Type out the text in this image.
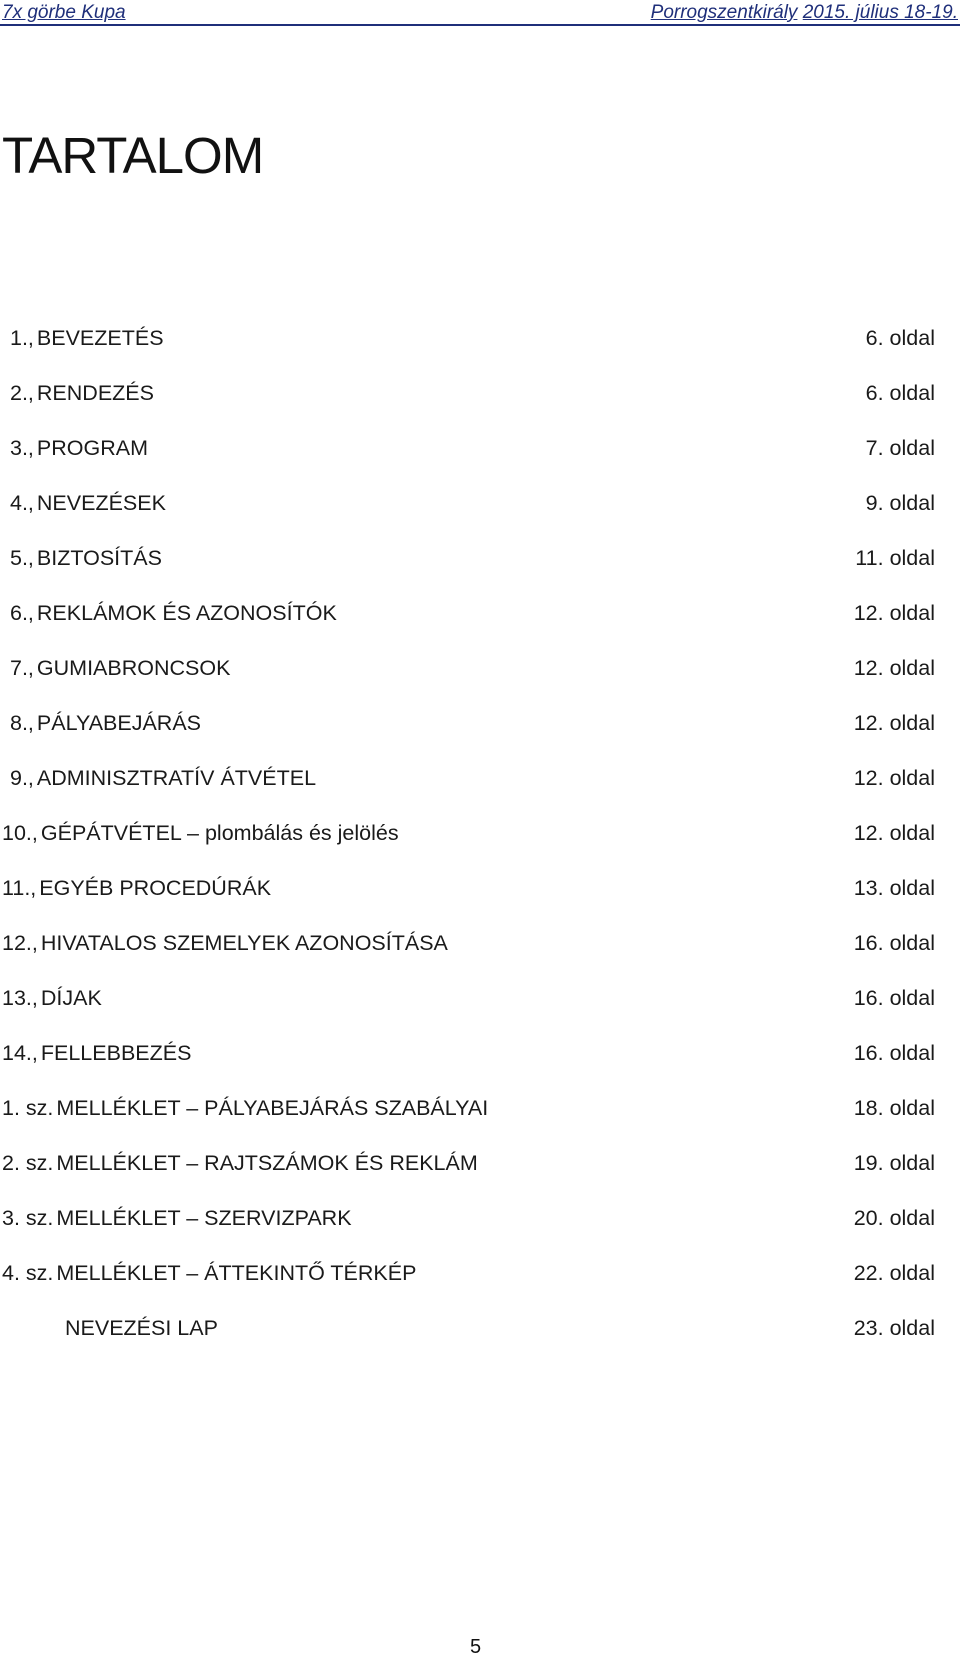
7x görbe Kupa	Porrogszentkirály 2015. július 18-19.
TARTALOM
1., BEVEZETÉS	6. oldal
2., RENDEZÉS	6. oldal
3., PROGRAM	7. oldal
4., NEVEZÉSEK	9. oldal
5., BIZTOSÍTÁS	11. oldal
6., REKLÁMOK ÉS AZONOSÍTÓK	12. oldal
7., GUMIABRONCSOK	12. oldal
8., PÁLYABEJÁRÁS	12. oldal
9., ADMINISZTRATÍV ÁTVÉTEL	12. oldal
10., GÉPÁTVÉTEL – plombálás és jelölés	12. oldal
11., EGYÉB PROCEDÚRÁK	13. oldal
12., HIVATALOS SZEMELYEK AZONOSÍTÁSA	16. oldal
13., DÍJAK	16. oldal
14., FELLEBBEZÉS	16. oldal
1. sz. MELLÉKLET – PÁLYABEJÁRÁS SZABÁLYAI	18. oldal
2. sz. MELLÉKLET – RAJTSZÁMOK ÉS REKLÁM	19. oldal
3. sz. MELLÉKLET – SZERVIZPARK	20. oldal
4. sz. MELLÉKLET – ÁTTEKINTŐ TÉRKÉP	22. oldal
NEVEZÉSI LAP	23. oldal
5
